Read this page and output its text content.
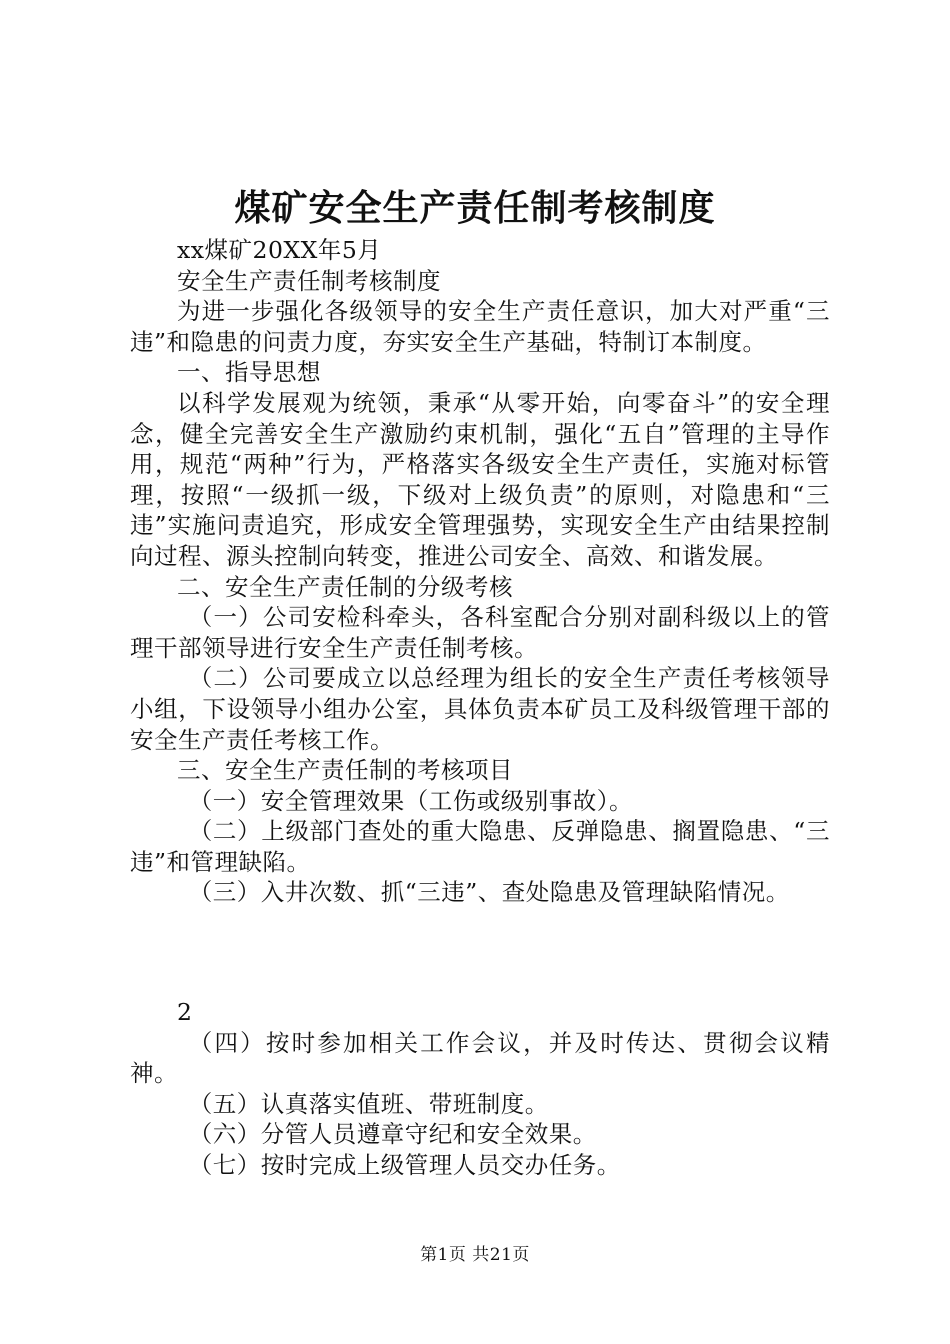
煤矿安全生产责任制考核制度

xx煤矿20XX年5月

安全生产责任制考核制度

为进一步强化各级领导的安全生产责任意识，加大对严重“三违”和隐患的问责力度，夯实安全生产基础，特制订本制度。

一、指导思想

以科学发展观为统领，秉承“从零开始，向零奋斗”的安全理念，健全完善安全生产激励约束机制，强化“五自”管理的主导作用，规范“两种”行为，严格落实各级安全生产责任，实施对标管理，按照“一级抓一级，下级对上级负责”的原则，对隐患和“三违”实施问责追究，形成安全管理强势，实现安全生产由结果控制向过程、源头控制向转变，推进公司安全、高效、和谐发展。

二、安全生产责任制的分级考核

（一）公司安检科牵头，各科室配合分别对副科级以上的管理干部领导进行安全生产责任制考核。

（二）公司要成立以总经理为组长的安全生产责任考核领导小组，下设领导小组办公室，具体负责本矿员工及科级管理干部的安全生产责任考核工作。

三、安全生产责任制的考核项目

（一）安全管理效果（工伤或级别事故）。

（二）上级部门查处的重大隐患、反弹隐患、搁置隐患、“三违”和管理缺陷。

（三）入井次数、抓“三违”、查处隐患及管理缺陷情况。

2

（四）按时参加相关工作会议，并及时传达、贯彻会议精神。

（五）认真落实值班、带班制度。

（六）分管人员遵章守纪和安全效果。

（七）按时完成上级管理人员交办任务。

第1页 共21页
